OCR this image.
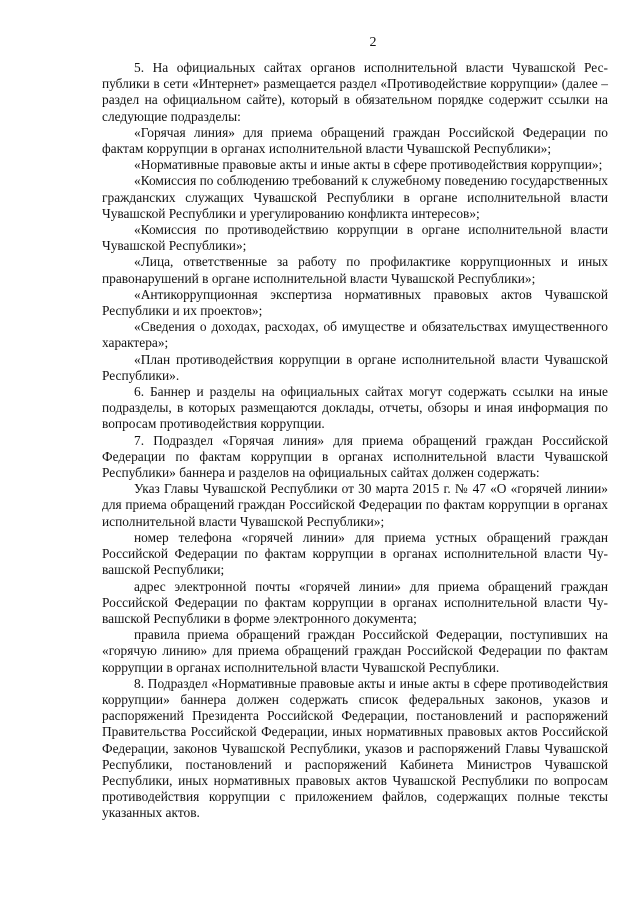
2

5. На официальных сайтах органов исполнительной власти Чувашской Республики в сети «Интернет» размещается раздел «Противодействие коррупции» (далее – раздел на официальном сайте), который в обязательном порядке содержит ссылки на следующие подразделы:

«Горячая линия» для приема обращений граждан Российской Федерации по фактам коррупции в органах исполнительной власти Чувашской Республики»;

«Нормативные правовые акты и иные акты в сфере противодействия коррупции»;

«Комиссия по соблюдению требований к служебному поведению государственных гражданских служащих Чувашской Республики в органе исполнительной власти Чувашской Республики и урегулированию конфликта интересов»;

«Комиссия по противодействию коррупции в органе исполнительной власти Чувашской Республики»;

«Лица, ответственные за работу по профилактике коррупционных и иных правонарушений в органе исполнительной власти Чувашской Республики»;

«Антикоррупционная экспертиза нормативных правовых актов Чувашской Республики и их проектов»;

«Сведения о доходах, расходах, об имуществе и обязательствах имущественного характера»;

«План противодействия коррупции в органе исполнительной власти Чувашской Республики».

6. Баннер и разделы на официальных сайтах могут содержать ссылки на иные подразделы, в которых размещаются доклады, отчеты, обзоры и иная информация по вопросам противодействия коррупции.

7. Подраздел «Горячая линия» для приема обращений граждан Российской Федерации по фактам коррупции в органах исполнительной власти Чувашской Республики» баннера и разделов на официальных сайтах должен содержать:

Указ Главы Чувашской Республики от 30 марта 2015 г. № 47 «О «горячей линии» для приема обращений граждан Российской Федерации по фактам коррупции в органах исполнительной власти Чувашской Республики»;

номер телефона «горячей линии» для приема устных обращений граждан Российской Федерации по фактам коррупции в органах исполнительной власти Чувашской Республики;

адрес электронной почты «горячей линии» для приема обращений граждан Российской Федерации по фактам коррупции в органах исполнительной власти Чувашской Республики в форме электронного документа;

правила приема обращений граждан Российской Федерации, поступивших на «горячую линию» для приема обращений граждан Российской Федерации по фактам коррупции в органах исполнительной власти Чувашской Республики.

8. Подраздел «Нормативные правовые акты и иные акты в сфере противодействия коррупции» баннера должен содержать список федеральных законов, указов и распоряжений Президента Российской Федерации, постановлений и распоряжений Правительства Российской Федерации, иных нормативных правовых актов Российской Федерации, законов Чувашской Республики, указов и распоряжений Главы Чувашской Республики, постановлений и распоряжений Кабинета Министров Чувашской Республики, иных нормативных правовых актов Чувашской Республики по вопросам противодействия коррупции с приложением файлов, содержащих полные тексты указанных актов.
